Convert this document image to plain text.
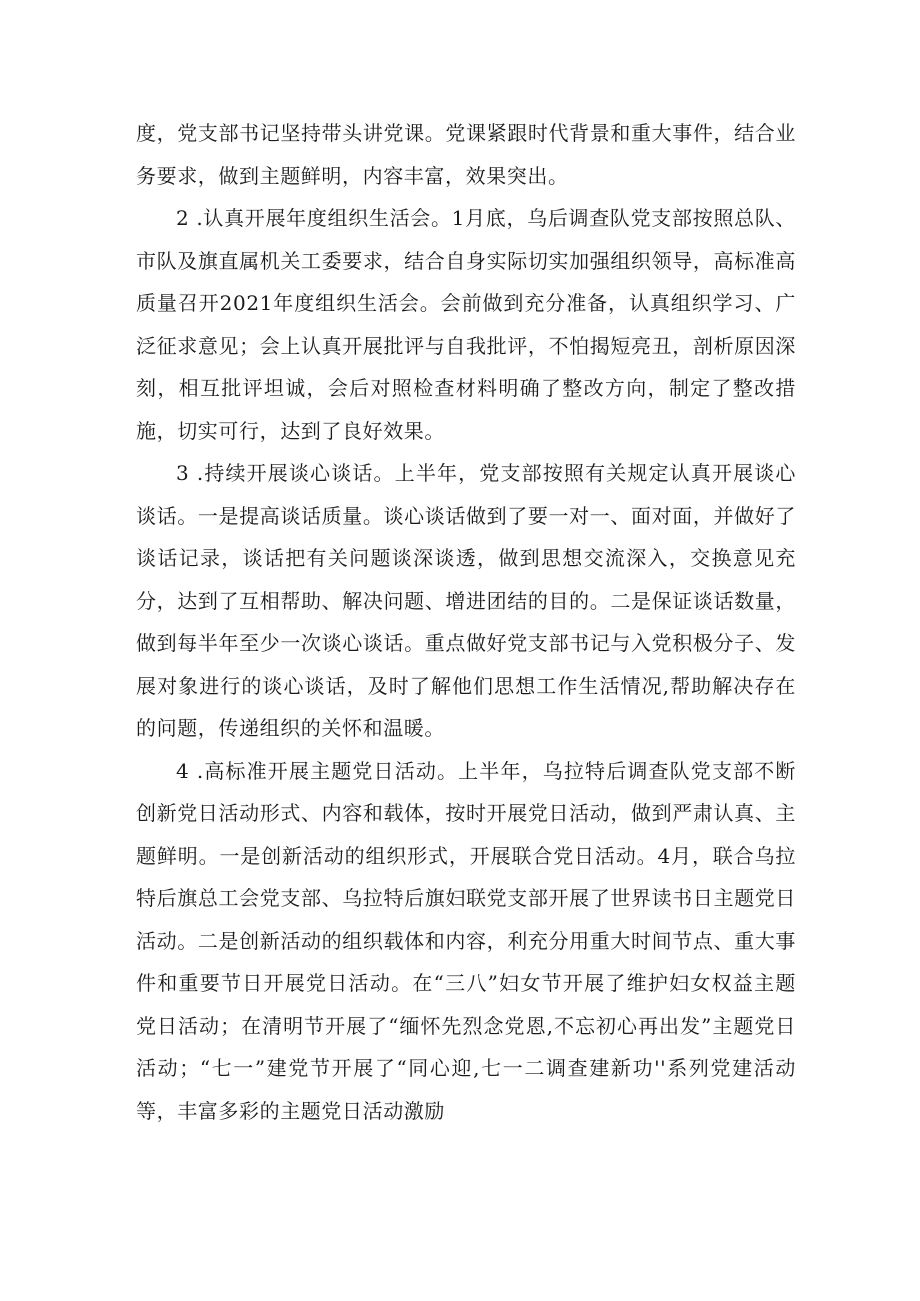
度，党支部书记坚持带头讲党课。党课紧跟时代背景和重大事件，结合业务要求，做到主题鲜明，内容丰富，效果突出。

2 .认真开展年度组织生活会。1月底，乌后调查队党支部按照总队、市队及旗直属机关工委要求，结合自身实际切实加强组织领导，高标准高质量召开2021年度组织生活会。会前做到充分准备，认真组织学习、广泛征求意见；会上认真开展批评与自我批评，不怕揭短亮丑，剖析原因深刻，相互批评坦诚，会后对照检查材料明确了整改方向，制定了整改措施，切实可行，达到了良好效果。

3 .持续开展谈心谈话。上半年，党支部按照有关规定认真开展谈心谈话。一是提高谈话质量。谈心谈话做到了要一对一、面对面，并做好了谈话记录，谈话把有关问题谈深谈透，做到思想交流深入，交换意见充分，达到了互相帮助、解决问题、增进团结的目的。二是保证谈话数量，做到每半年至少一次谈心谈话。重点做好党支部书记与入党积极分子、发展对象进行的谈心谈话，及时了解他们思想工作生活情况,帮助解决存在的问题，传递组织的关怀和温暖。

4 .高标准开展主题党日活动。上半年，乌拉特后调查队党支部不断创新党日活动形式、内容和载体，按时开展党日活动，做到严肃认真、主题鲜明。一是创新活动的组织形式，开展联合党日活动。4月，联合乌拉特后旗总工会党支部、乌拉特后旗妇联党支部开展了世界读书日主题党日活动。二是创新活动的组织载体和内容，利充分用重大时间节点、重大事件和重要节日开展党日活动。在“三八”妇女节开展了维护妇女权益主题党日活动；在清明节开展了“缅怀先烈念党恩,不忘初心再出发”主题党日活动；“七一”建党节开展了“同心迎,七一二调查建新功''系列党建活动等，丰富多彩的主题党日活动激励
